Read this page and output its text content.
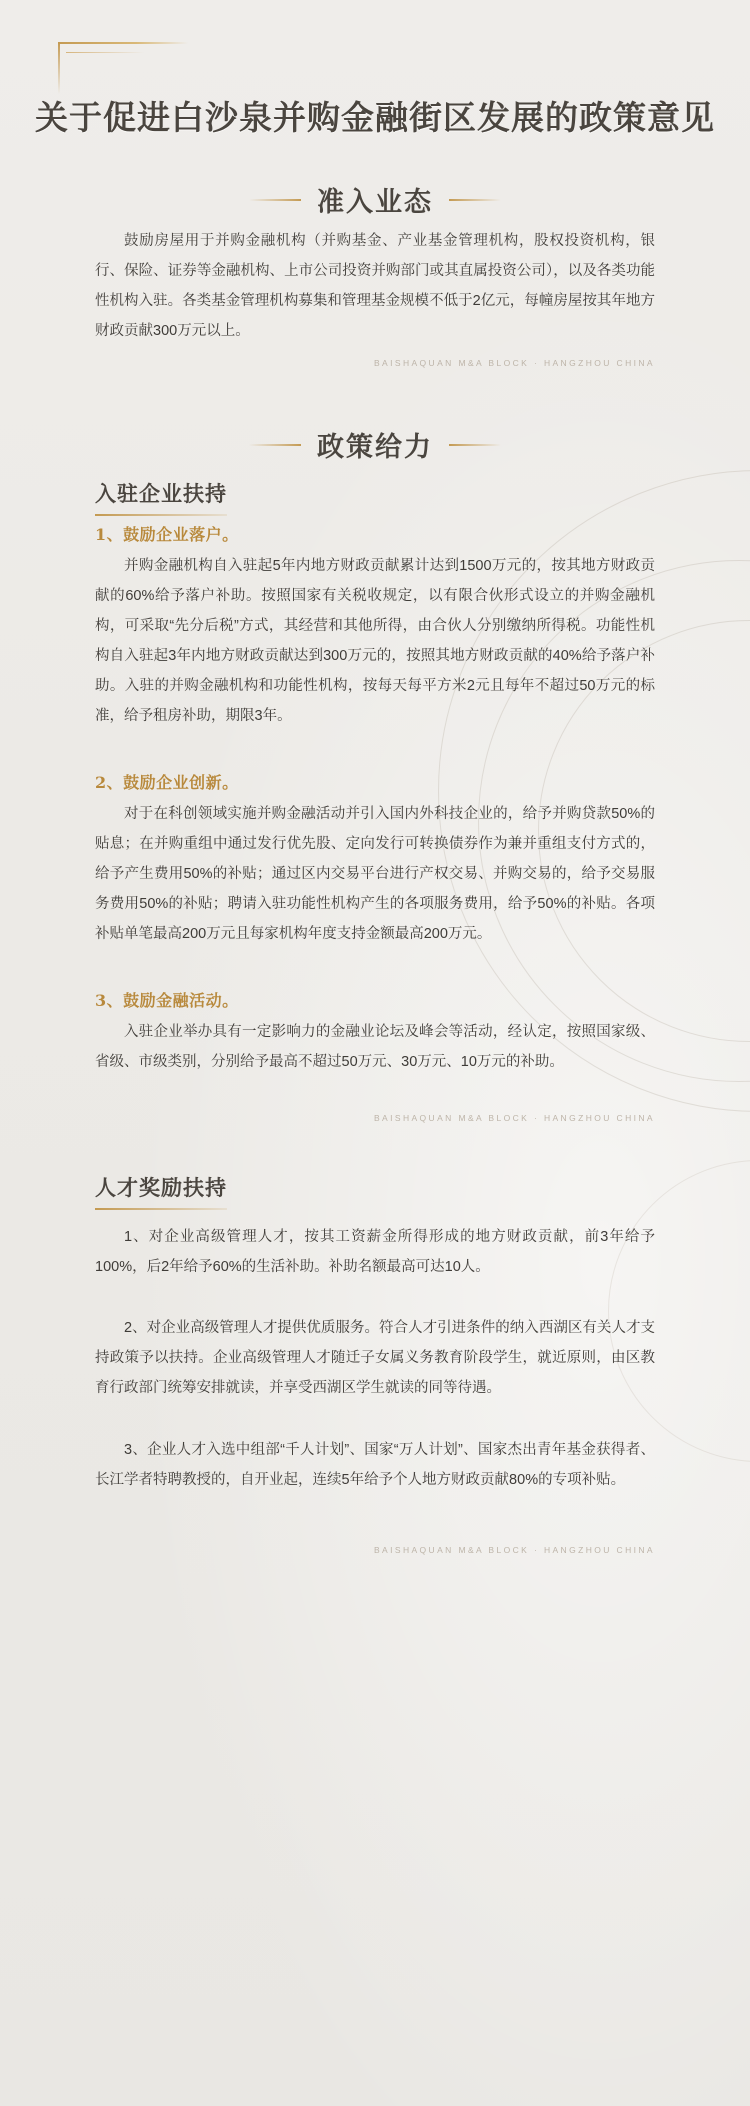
关于促进白沙泉并购金融街区发展的政策意见
准入业态
鼓励房屋用于并购金融机构（并购基金、产业基金管理机构，股权投资机构，银行、保险、证券等金融机构、上市公司投资并购部门或其直属投资公司），以及各类功能性机构入驻。各类基金管理机构募集和管理基金规模不低于2亿元，每幢房屋按其年地方财政贡献300万元以上。
BAISHAQUAN M&A BLOCK · HANGZHOU CHINA
政策给力
入驻企业扶持
1、鼓励企业落户。
并购金融机构自入驻起5年内地方财政贡献累计达到1500万元的，按其地方财政贡献的60%给予落户补助。按照国家有关税收规定，以有限合伙形式设立的并购金融机构，可采取“先分后税”方式，其经营和其他所得，由合伙人分别缴纳所得税。功能性机构自入驻起3年内地方财政贡献达到300万元的，按照其地方财政贡献的40%给予落户补助。入驻的并购金融机构和功能性机构，按每天每平方米2元且每年不超过50万元的标准，给予租房补助，期限3年。
2、鼓励企业创新。
对于在科创领域实施并购金融活动并引入国内外科技企业的，给予并购贷款50%的贴息；在并购重组中通过发行优先股、定向发行可转换债券作为兼并重组支付方式的，给予产生费用50%的补贴；通过区内交易平台进行产权交易、并购交易的，给予交易服务费用50%的补贴；聘请入驻功能性机构产生的各项服务费用，给予50%的补贴。各项补贴单笔最高200万元且每家机构年度支持金额最高200万元。
3、鼓励金融活动。
入驻企业举办具有一定影响力的金融业论坛及峰会等活动，经认定，按照国家级、省级、市级类别，分别给予最高不超过50万元、30万元、10万元的补助。
BAISHAQUAN M&A BLOCK · HANGZHOU CHINA
人才奖励扶持
1、对企业高级管理人才，按其工资薪金所得形成的地方财政贡献，前3年给予100%，后2年给予60%的生活补助。补助名额最高可达10人。
2、对企业高级管理人才提供优质服务。符合人才引进条件的纳入西湖区有关人才支持政策予以扶持。企业高级管理人才随迁子女属义务教育阶段学生，就近原则，由区教育行政部门统筹安排就读，并享受西湖区学生就读的同等待遇。
3、企业人才入选中组部“千人计划”、国家“万人计划”、国家杰出青年基金获得者、长江学者特聘教授的，自开业起，连续5年给予个人地方财政贡献80%的专项补贴。
BAISHAQUAN M&A BLOCK · HANGZHOU CHINA
